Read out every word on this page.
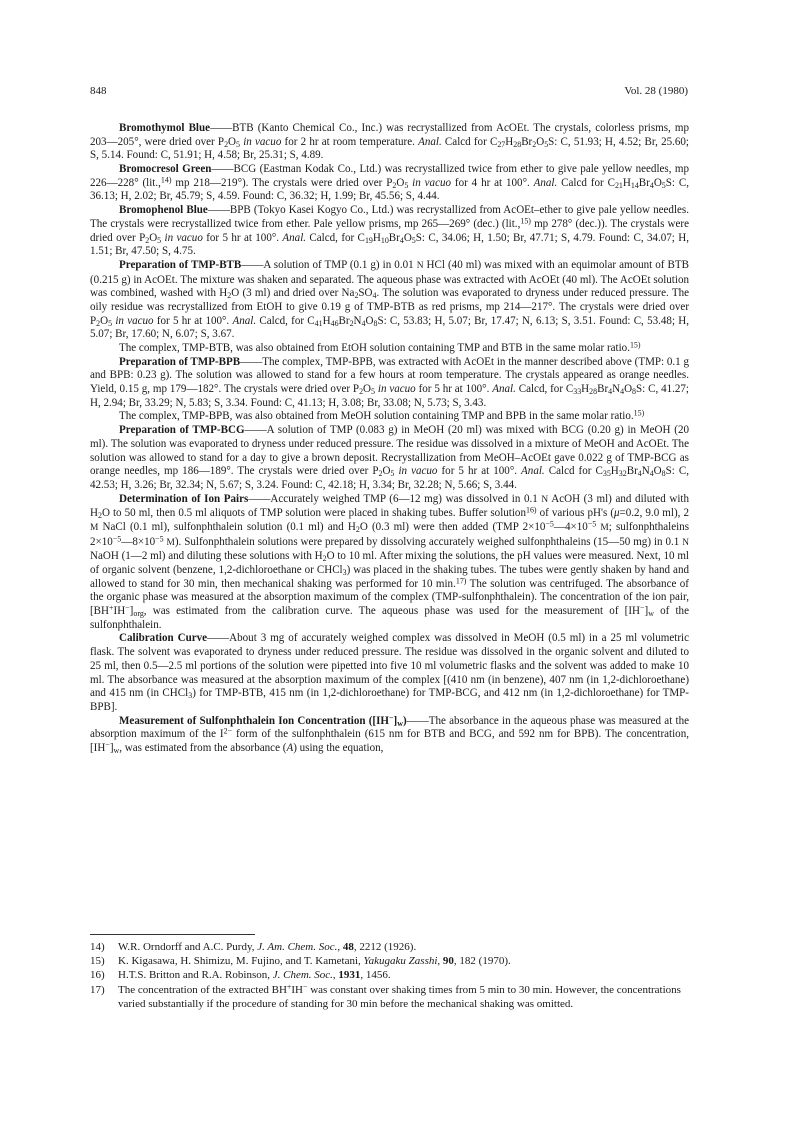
848	Vol. 28 (1980)

Bromothymol Blue——BTB (Kanto Chemical Co., Inc.) was recrystallized from AcOEt. The crystals, colorless prisms, mp 203—205°, were dried over $P_2O_5$ in vacuo for 2 hr at room temperature. Anal. Calcd for $C_{27}H_{28}Br_2O_5S$: C, 51.93; H, 4.52; Br, 25.60; S, 5.14. Found: C, 51.91; H, 4.58; Br, 25.31; S, 4.89.

Bromocresol Green——BCG (Eastman Kodak Co., Ltd.) was recrystallized twice from ether to give pale yellow needles, mp 226—228° (lit.,$^{14)}$ mp 218—219°). The crystals were dried over $P_2O_5$ in vacuo for 4 hr at 100°. Anal. Calcd for $C_{21}H_{14}Br_4O_5S$: C, 36.13; H, 2.02; Br, 45.79; S, 4.59. Found: C, 36.32; H, 1.99; Br, 45.56; S, 4.44.

Bromophenol Blue——BPB (Tokyo Kasei Kogyo Co., Ltd.) was recrystallized from AcOEt–ether to give pale yellow needles. The crystals were recrystallized twice from ether. Pale yellow prisms, mp 265—269° (dec.) (lit.,$^{15)}$ mp 278° (dec.)). The crystals were dried over $P_2O_5$ in vacuo for 5 hr at 100°. Anal. Calcd, for $C_{19}H_{10}Br_4O_5S$: C, 34.06; H, 1.50; Br, 47.71; S, 4.79. Found: C, 34.07; H, 1.51; Br, 47.50; S, 4.75.

Preparation of TMP-BTB——A solution of TMP (0.1 g) in 0.01 N HCl (40 ml) was mixed with an equimolar amount of BTB (0.215 g) in AcOEt. The mixture was shaken and separated. The aqueous phase was extracted with AcOEt (40 ml). The AcOEt solution was combined, washed with $H_2O$ (3 ml) and dried over $Na_2SO_4$. The solution was evaporated to dryness under reduced pressure. The oily residue was recrystallized from EtOH to give 0.19 g of TMP-BTB as red prisms, mp 214—217°. The crystals were dried over $P_2O_5$ in vacuo for 5 hr at 100°. Anal. Calcd, for $C_{41}H_{46}Br_2N_4O_8S$: C, 53.83; H, 5.07; Br, 17.47; N, 6.13; S, 3.51. Found: C, 53.48; H, 5.07; Br, 17.60; N, 6.07; S, 3.67.

The complex, TMP-BTB, was also obtained from EtOH solution containing TMP and BTB in the same molar ratio.$^{15)}$

Preparation of TMP-BPB——The complex, TMP-BPB, was extracted with AcOEt in the manner described above (TMP: 0.1 g and BPB: 0.23 g). The solution was allowed to stand for a few hours at room temperature. The crystals appeared as orange needles. Yield, 0.15 g, mp 179—182°. The crystals were dried over $P_2O_5$ in vacuo for 5 hr at 100°. Anal. Calcd, for $C_{33}H_{28}Br_4N_4O_8S$: C, 41.27; H, 2.94; Br, 33.29; N, 5.83; S, 3.34. Found: C, 41.13; H, 3.08; Br, 33.08; N, 5.73; S, 3.43.

The complex, TMP-BPB, was also obtained from MeOH solution containing TMP and BPB in the same molar ratio.$^{15)}$

Preparation of TMP-BCG——A solution of TMP (0.083 g) in MeOH (20 ml) was mixed with BCG (0.20 g) in MeOH (20 ml). The solution was evaporated to dryness under reduced pressure. The residue was dissolved in a mixture of MeOH and AcOEt. The solution was allowed to stand for a day to give a brown deposit. Recrystallization from MeOH–AcOEt gave 0.022 g of TMP-BCG as orange needles, mp 186—189°. The crystals were dried over $P_2O_5$ in vacuo for 5 hr at 100°. Anal. Calcd for $C_{35}H_{32}Br_4N_4O_8S$: C, 42.53; H, 3.26; Br, 32.34; N, 5.67; S, 3.24. Found: C, 42.18; H, 3.34; Br, 32.28; N, 5.66; S, 3.44.

Determination of Ion Pairs——Accurately weighed TMP (6—12 mg) was dissolved in 0.1 N AcOH (3 ml) and diluted with $H_2O$ to 50 ml, then 0.5 ml aliquots of TMP solution were placed in shaking tubes. Buffer solution$^{16)}$ of various pH's (μ=0.2, 9.0 ml), 2 M NaCl (0.1 ml), sulfonphthalein solution (0.1 ml) and $H_2O$ (0.3 ml) were then added (TMP $2\times 10^{-5}—4\times 10^{-5}$ M; sulfonphthaleins $2\times 10^{-5}—8\times 10^{-5}$ M). Sulfonphthalein solutions were prepared by dissolving accurately weighed sulfonphthaleins (15—50 mg) in 0.1 N NaOH (1—2 ml) and diluting these solutions with $H_2O$ to 10 ml. After mixing the solutions, the pH values were measured. Next, 10 ml of organic solvent (benzene, 1,2-dichloroethane or CHCl$_3$) was placed in the shaking tubes. The tubes were gently shaken by hand and allowed to stand for 30 min, then mechanical shaking was performed for 10 min.$^{17)}$ The solution was centrifuged. The absorbance of the organic phase was measured at the absorption maximum of the complex (TMP-sulfonphthalein). The concentration of the ion pair, $[BH^+IH^-]_{org}$, was estimated from the calibration curve. The aqueous phase was used for the measurement of $[IH^-]_w$ of the sulfonphthalein.

Calibration Curve——About 3 mg of accurately weighed complex was dissolved in MeOH (0.5 ml) in a 25 ml volumetric flask. The solvent was evaporated to dryness under reduced pressure. The residue was dissolved in the organic solvent and diluted to 25 ml, then 0.5—2.5 ml portions of the solution were pipetted into five 10 ml volumetric flasks and the solvent was added to make 10 ml. The absorbance was measured at the absorption maximum of the complex [(410 nm (in benzene), 407 nm (in 1,2-dichloroethane) and 415 nm (in CHCl$_3$) for TMP-BTB, 415 nm (in 1,2-dichloroethane) for TMP-BCG, and 412 nm (in 1,2-dichloroethane) for TMP-BPB].

Measurement of Sulfonphthalein Ion Concentration $([IH^-]_w)——The$ absorbance in the aqueous phase was measured at the absorption maximum of the $I^{2-}$ form of the sulfonphthalein (615 nm for BTB and BCG, and 592 nm for BPB). The concentration, $[IH^-]_w$, was estimated from the absorbance (A) using the equation,

14) W.R. Orndorff and A.C. Purdy, J. Am. Chem. Soc., 48, 2212 (1926).
15) K. Kigasawa, H. Shimizu, M. Fujino, and T. Kametani, Yakugaku Zasshi, 90, 182 (1970).
16) H.T.S. Britton and R.A. Robinson, J. Chem. Soc., 1931, 1456.
17) The concentration of the extracted BH+IH− was constant over shaking times from 5 min to 30 min. However, the concentrations varied substantially if the procedure of standing for 30 min before the mechanical shaking was omitted.
